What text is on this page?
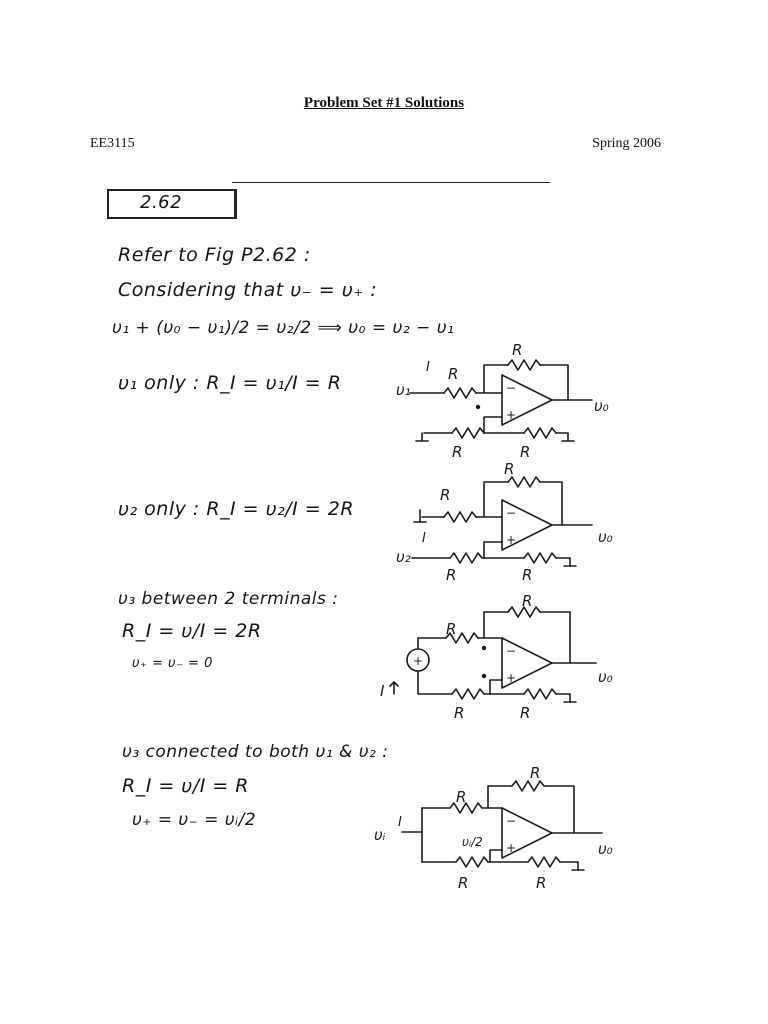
Problem Set #1 Solutions
EE3115	Spring 2006
2.62
Refer to Fig P2.62 :
Considering that υ₋ = υ₊ :
υ₁ + (υ₀ − υ₁)/2 = υ₂/2 ⟹ υ₀ = υ₂ − υ₁
υ₁ only : R_I = υ₁/I = R
υ₂ only : R_I = υ₂/I = 2R
υ₃ between 2 terminals :
R_I = υ/I = 2R
υ₊ = υ₋ = 0
υ₃ connected to both υ₁ & υ₂ :
R_I = υ/I = R
υ₊ = υ₋ = υᵢ/2
−
+
R
R
I
υ₁
R	R
υ₀
−
+
R
R
I
υ₂
R	R
υ₀
−
+
+
R
R
I
R	R
υ₀
−
+
R
R
I
υᵢ	υᵢ/2
R	R
υ₀
